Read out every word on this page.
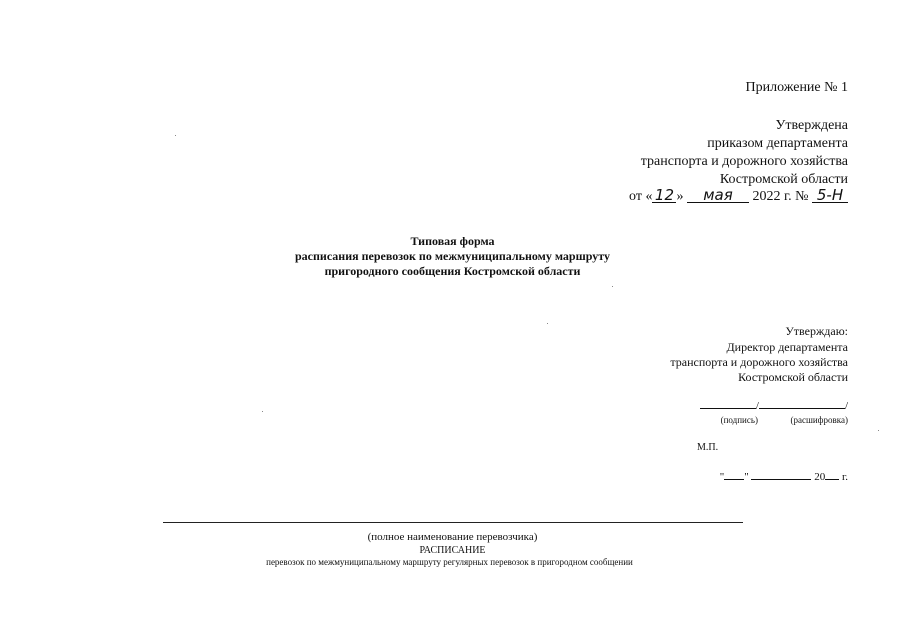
Приложение № 1
Утверждена
приказом департамента
транспорта и дорожного хозяйства
Костромской области
от « 12 » мая 2022 г. № 5-Н
Типовая форма
расписания перевозок по межмуниципальному маршруту
пригородного сообщения Костромской области
Утверждаю:
Директор департамента
транспорта и дорожного хозяйства
Костромской области
/	/
(подпись)	(расшифровка)
М.П.
" "	20 г.
(полное наименование перевозчика)
РАСПИСАНИЕ
перевозок по межмуниципальному маршруту регулярных перевозок в пригородном сообщении
